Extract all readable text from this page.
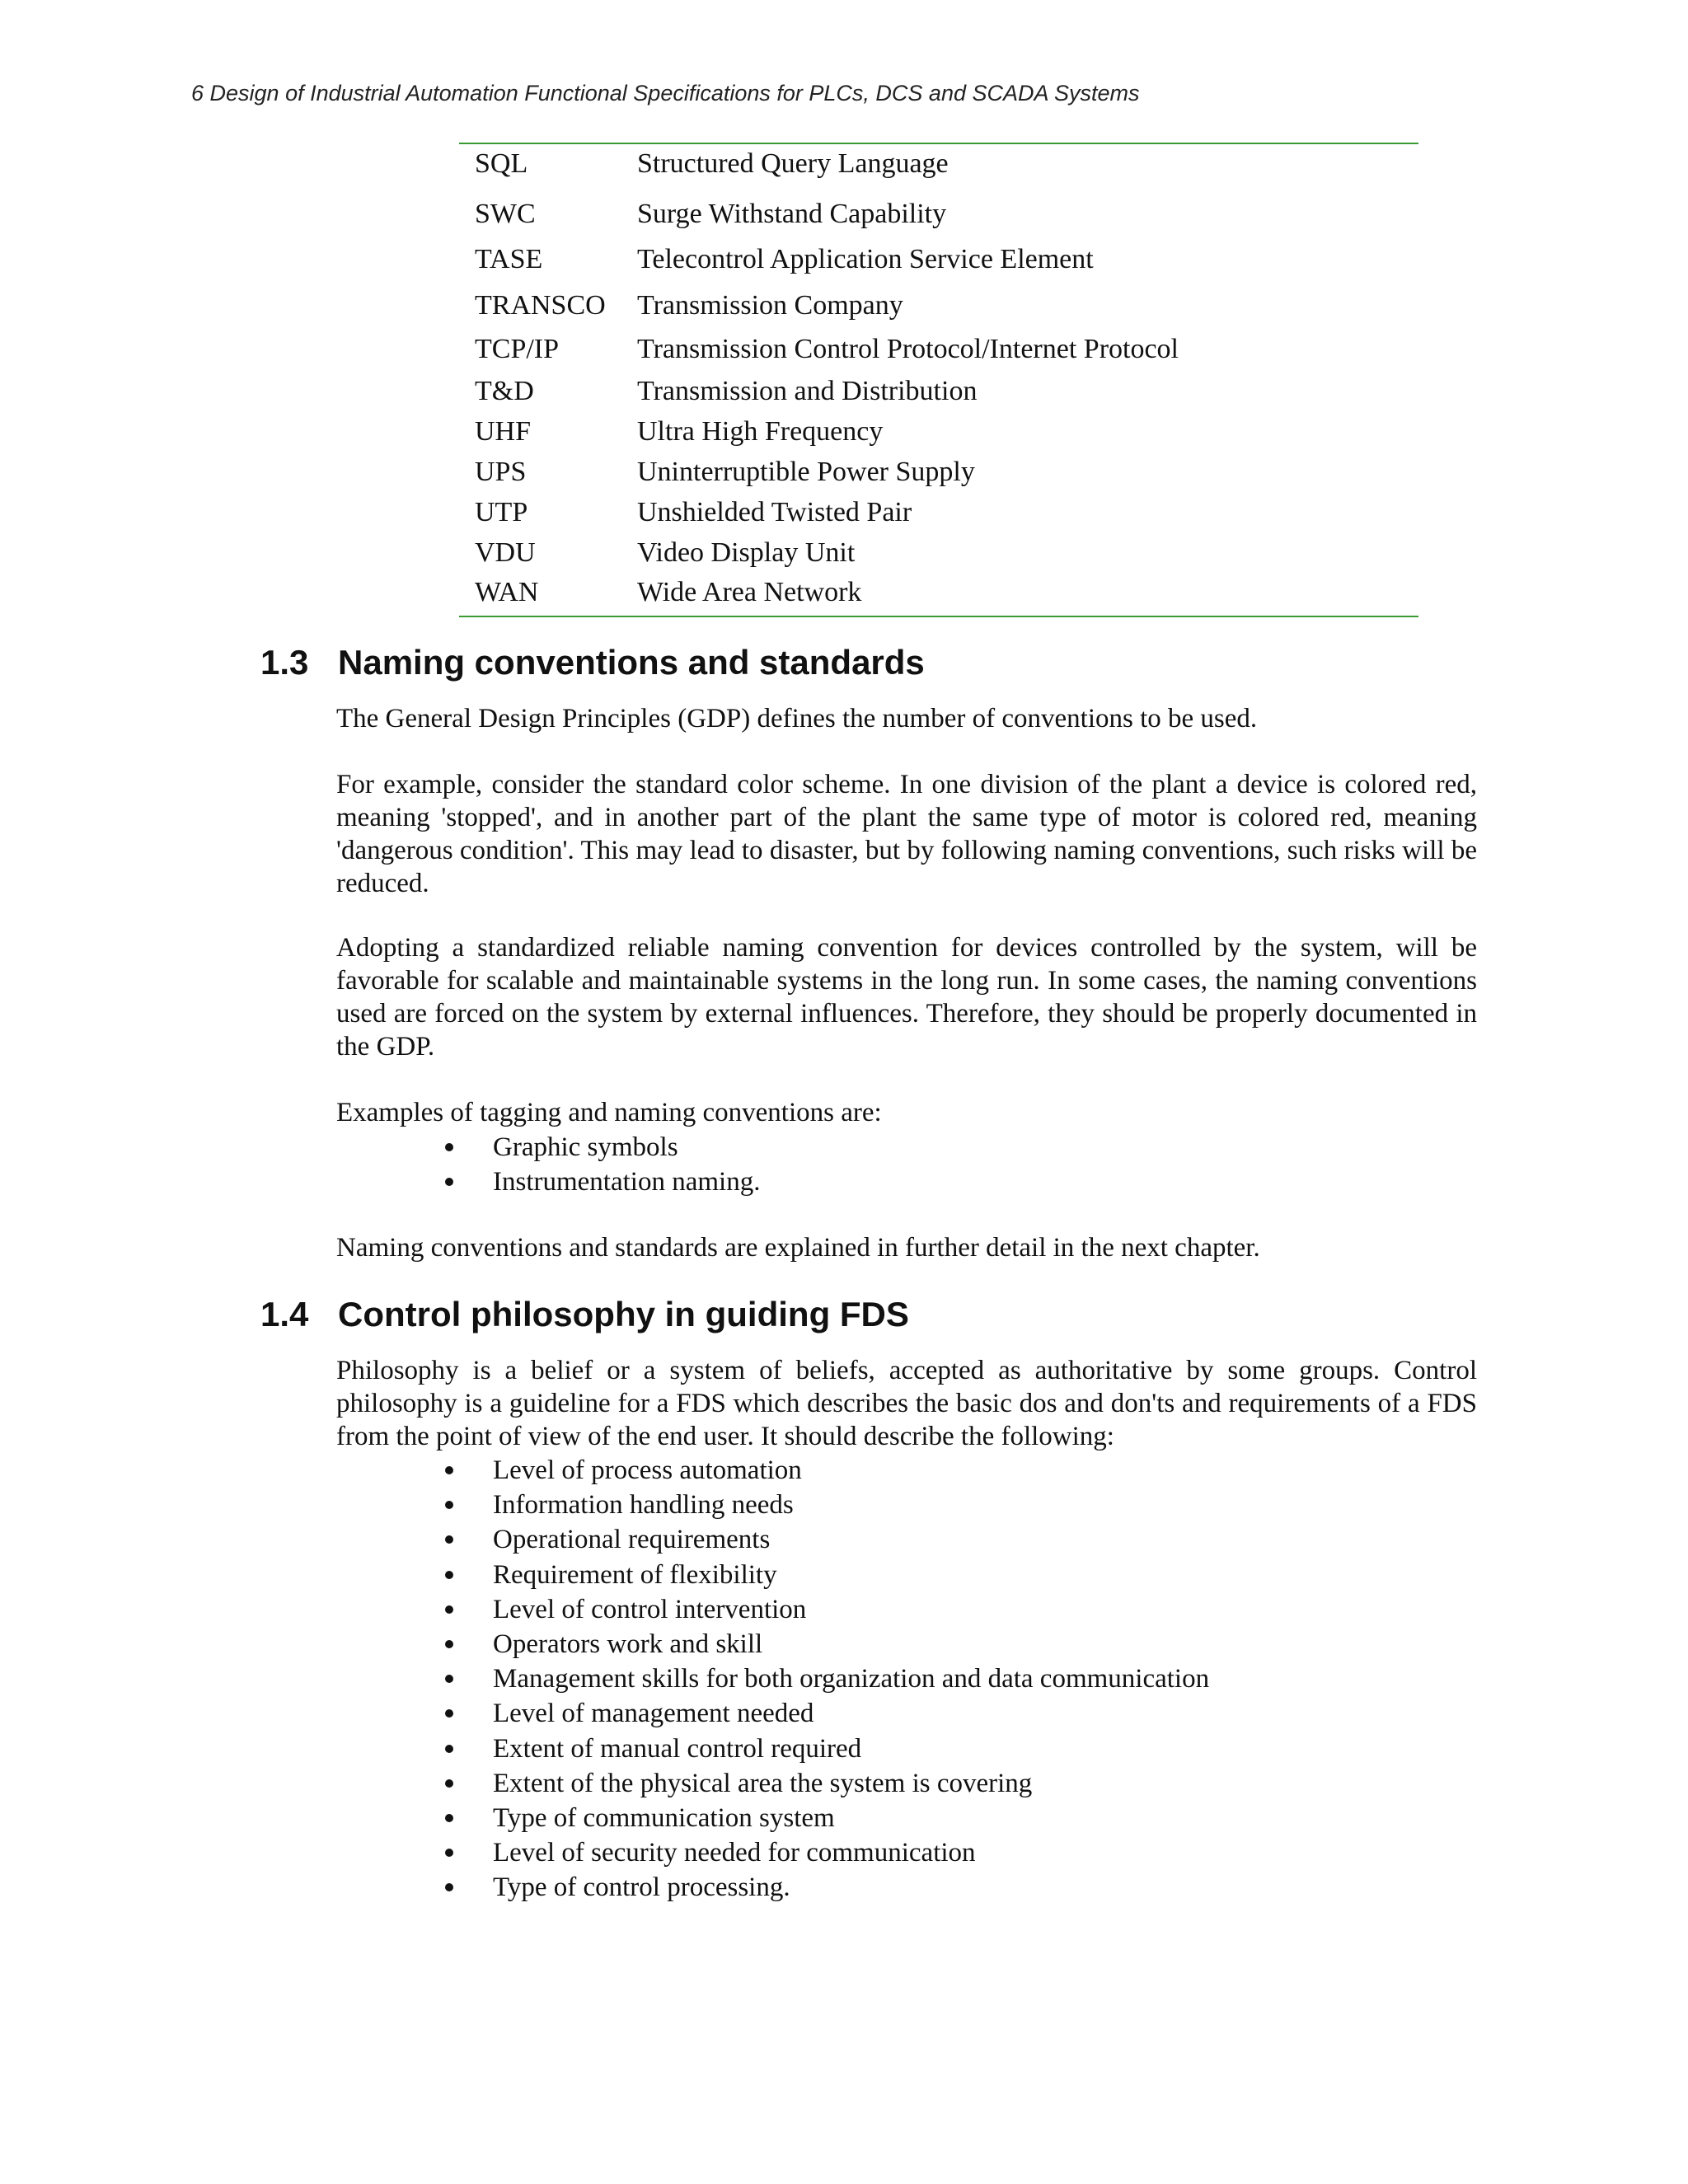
6 Design of Industrial Automation Functional Specifications for PLCs, DCS and SCADA Systems
SQL	Structured Query Language
SWC	Surge Withstand Capability
TASE	Telecontrol Application Service Element
TRANSCO	Transmission Company
TCP/IP	Transmission Control Protocol/Internet Protocol
T&D	Transmission and Distribution
UHF	Ultra High Frequency
UPS	Uninterruptible Power Supply
UTP	Unshielded Twisted Pair
VDU	Video Display Unit
WAN	Wide Area Network
1.3 Naming conventions and standards

The General Design Principles (GDP) defines the number of conventions to be used.

For example, consider the standard color scheme. In one division of the plant a device is colored red, meaning 'stopped', and in another part of the plant the same type of motor is colored red, meaning 'dangerous condition'. This may lead to disaster, but by following naming conventions, such risks will be reduced.

Adopting a standardized reliable naming convention for devices controlled by the system, will be favorable for scalable and maintainable systems in the long run. In some cases, the naming conventions used are forced on the system by external influences. Therefore, they should be properly documented in the GDP.

Examples of tagging and naming conventions are:

Graphic symbols
Instrumentation naming.

Naming conventions and standards are explained in further detail in the next chapter.

1.4 Control philosophy in guiding FDS

Philosophy is a belief or a system of beliefs, accepted as authoritative by some groups. Control philosophy is a guideline for a FDS which describes the basic dos and don'ts and requirements of a FDS from the point of view of the end user. It should describe the following:

Level of process automation
Information handling needs
Operational requirements
Requirement of flexibility
Level of control intervention
Operators work and skill
Management skills for both organization and data communication
Level of management needed
Extent of manual control required
Extent of the physical area the system is covering
Type of communication system
Level of security needed for communication
Type of control processing.
